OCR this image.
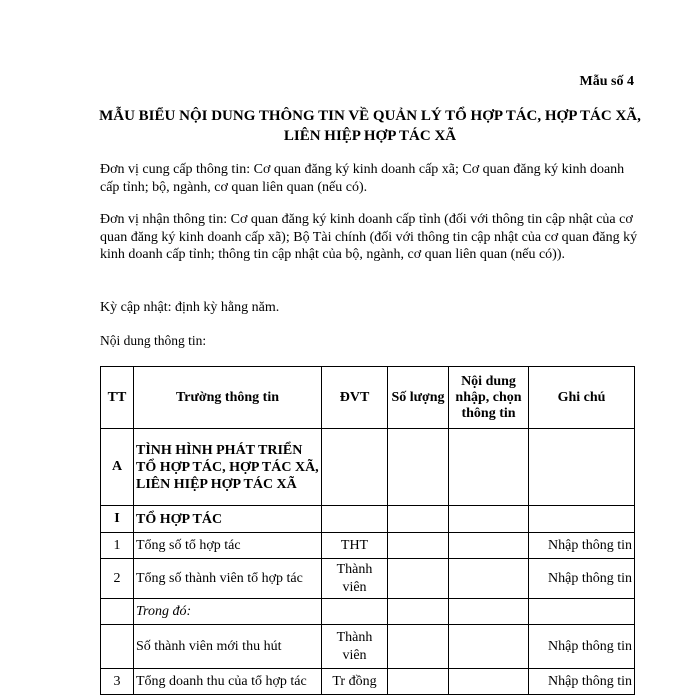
Mẫu số 4
MẪU BIỂU NỘI DUNG THÔNG TIN VỀ QUẢN LÝ TỔ HỢP TÁC, HỢP TÁC XÃ, LIÊN HIỆP HỢP TÁC XÃ
Đơn vị cung cấp thông tin: Cơ quan đăng ký kinh doanh cấp xã; Cơ quan đăng ký kinh doanh cấp tỉnh; bộ, ngành, cơ quan liên quan (nếu có).
Đơn vị nhận thông tin: Cơ quan đăng ký kinh doanh cấp tỉnh (đối với thông tin cập nhật của cơ quan đăng ký kinh doanh cấp xã); Bộ Tài chính (đối với thông tin cập nhật của cơ quan đăng ký kinh doanh cấp tỉnh; thông tin cập nhật của bộ, ngành, cơ quan liên quan (nếu có)).
Kỳ cập nhật: định kỳ hằng năm.
Nội dung thông tin:
TT	Trường thông tin	ĐVT	Số lượng	Nội dung nhập, chọn thông tin	Ghi chú
A	TÌNH HÌNH PHÁT TRIỂN TỔ HỢP TÁC, HỢP TÁC XÃ, LIÊN HIỆP HỢP TÁC XÃ				
I	TỔ HỢP TÁC				
1	Tổng số tổ hợp tác	THT			Nhập thông tin
2	Tổng số thành viên tổ hợp tác	Thành viên			Nhập thông tin
	Trong đó:				
	Số thành viên mới thu hút	Thành viên			Nhập thông tin
3	Tổng doanh thu của tổ hợp tác	Tr đồng			Nhập thông tin
